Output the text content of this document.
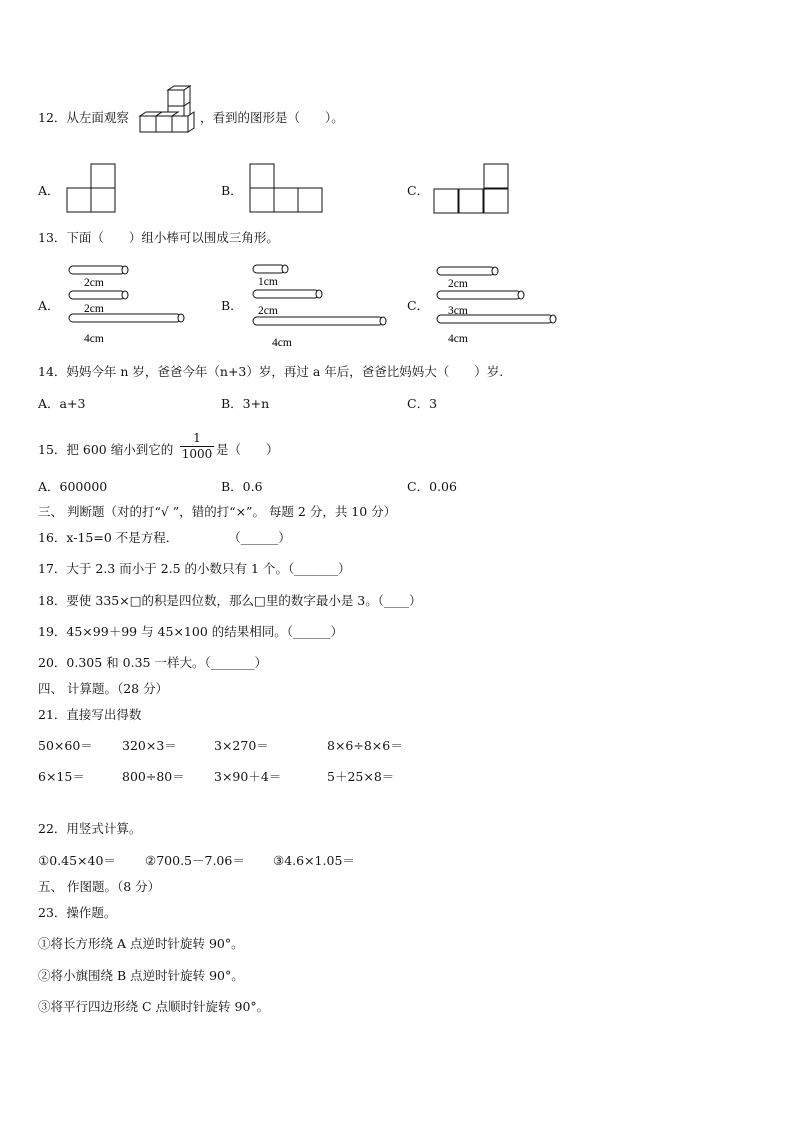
12．从左面观察	，看到的图形是（　　）。
A．	B．	C．
13．下面（　　）组小棒可以围成三角形。
A．
2cm
2cm
4cm
B．
1cm
2cm
4cm
C．
2cm
3cm
4cm
14．妈妈今年 n 岁，爸爸今年（n+3）岁，再过 a 年后，爸爸比妈妈大（　　）岁.
A．a+3	B．3+n	C．3
15．把 600 缩小到它的 $\frac{1}{1000}$ 是（　　）
A．600000	B．0.6	C．0.06
三、 判断题（对的打“√ ”，错的打“×”。 每题 2 分，共 10 分）
16．x-15=0 不是方程．　　　　　（______）
17．大于 2.3 而小于 2.5 的小数只有 1 个。（_______）
18．要使 335×□的积是四位数，那么□里的数字最小是 3。（____）
19．45×99＋99 与 45×100 的结果相同。（______）
20．0.305 和 0.35 一样大。（_______）
四、 计算题。（28 分）
21．直接写出得数
50×60＝ 320×3＝	3×270＝	8×6÷8×6＝
6×15＝	800÷80＝ 3×90＋4＝	5＋25×8＝
22．用竖式计算。
①0.45×40＝ ②700.5－7.06＝ ③4.6×1.05＝
五、 作图题。（8 分）
23．操作题。
①将长方形绕 A 点逆时针旋转 90°。
②将小旗围绕 B 点逆时针旋转 90°。
③将平行四边形绕 C 点顺时针旋转 90°。
